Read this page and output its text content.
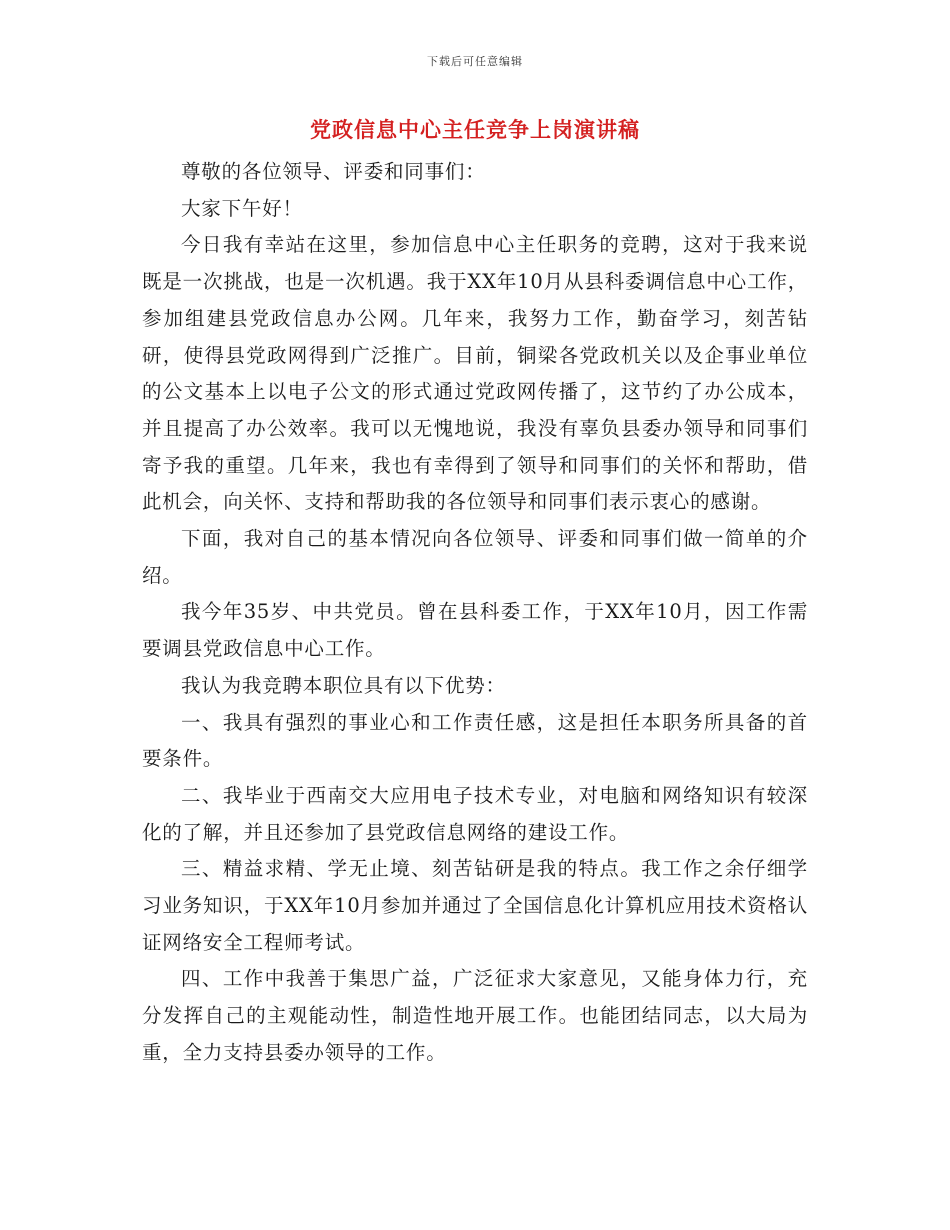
下载后可任意编辑
党政信息中心主任竞争上岗演讲稿

尊敬的各位领导、评委和同事们：

大家下午好！

今日我有幸站在这里，参加信息中心主任职务的竞聘，这对于我来说既是一次挑战，也是一次机遇。我于XX年10月从县科委调信息中心工作，参加组建县党政信息办公网。几年来，我努力工作，勤奋学习，刻苦钻研，使得县党政网得到广泛推广。目前，铜梁各党政机关以及企事业单位的公文基本上以电子公文的形式通过党政网传播了，这节约了办公成本，并且提高了办公效率。我可以无愧地说，我没有辜负县委办领导和同事们寄予我的重望。几年来，我也有幸得到了领导和同事们的关怀和帮助，借此机会，向关怀、支持和帮助我的各位领导和同事们表示衷心的感谢。

下面，我对自己的基本情况向各位领导、评委和同事们做一简单的介绍。

我今年35岁、中共党员。曾在县科委工作，于XX年10月，因工作需要调县党政信息中心工作。

我认为我竞聘本职位具有以下优势：

一、我具有强烈的事业心和工作责任感，这是担任本职务所具备的首要条件。

二、我毕业于西南交大应用电子技术专业，对电脑和网络知识有较深化的了解，并且还参加了县党政信息网络的建设工作。

三、精益求精、学无止境、刻苦钻研是我的特点。我工作之余仔细学习业务知识，于XX年10月参加并通过了全国信息化计算机应用技术资格认证网络安全工程师考试。

四、工作中我善于集思广益，广泛征求大家意见，又能身体力行，充分发挥自己的主观能动性，制造性地开展工作。也能团结同志，以大局为重，全力支持县委办领导的工作。
